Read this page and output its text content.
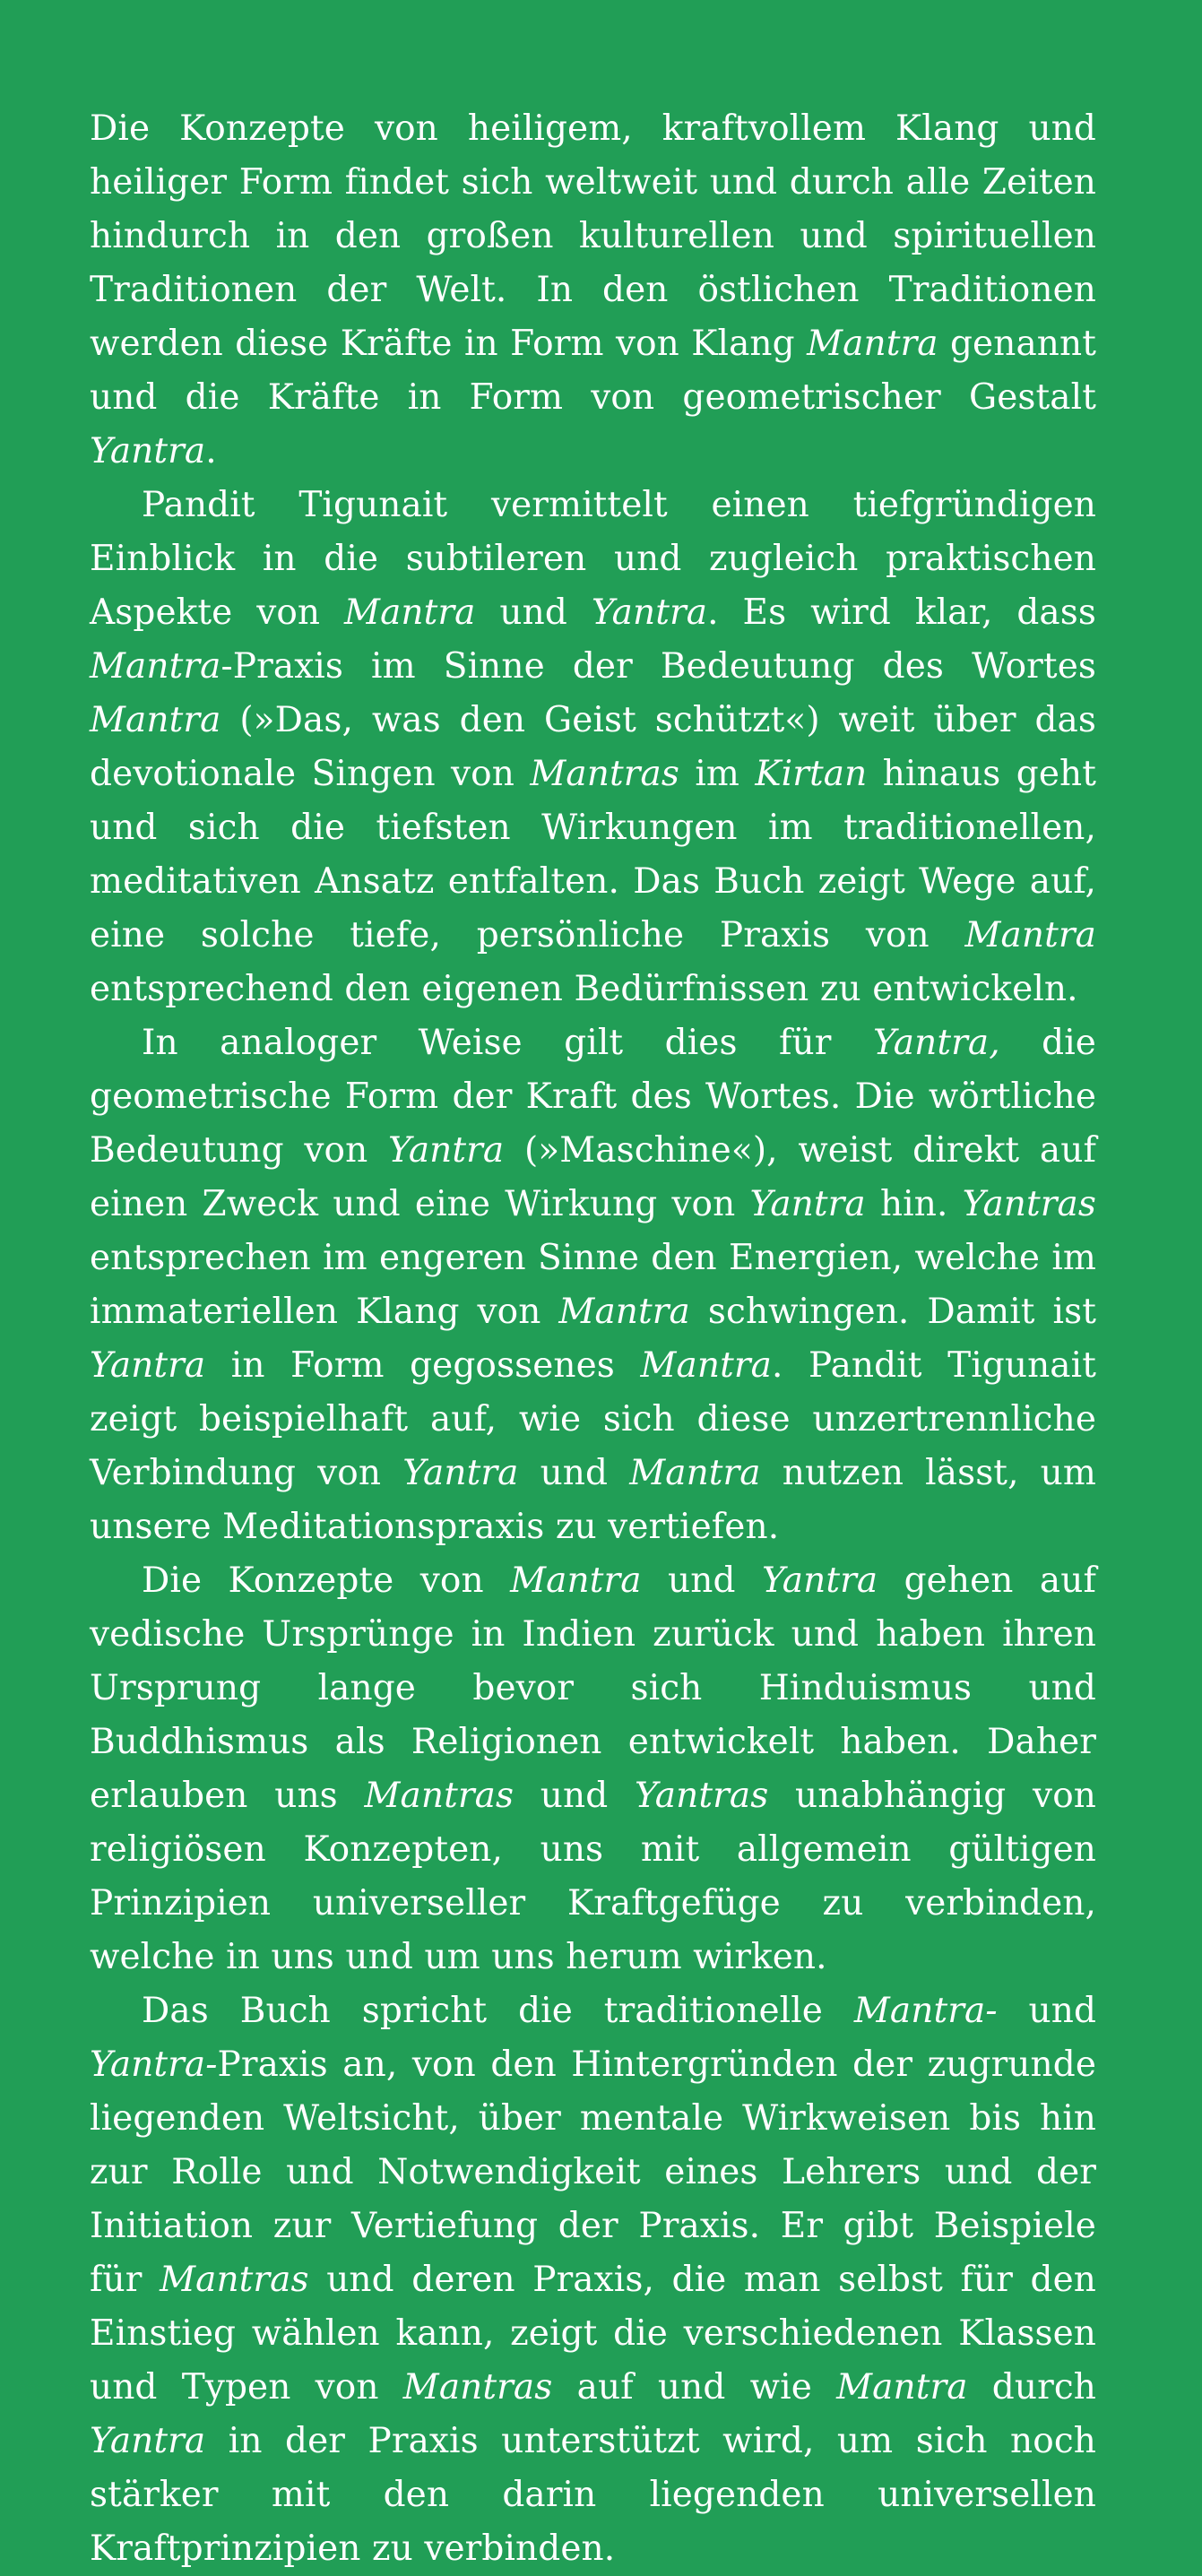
Die Konzepte von heiligem, kraftvollem Klang und heiliger Form findet sich weltweit und durch alle Zeiten hindurch in den großen kulturellen und spirituellen Traditionen der Welt. In den östlichen Traditionen werden diese Kräfte in Form von Klang Mantra genannt und die Kräfte in Form von geometrischer Gestalt Yantra.

Pandit Tigunait vermittelt einen tiefgründigen Einblick in die subtileren und zugleich praktischen Aspekte von Mantra und Yantra. Es wird klar, dass Mantra-Praxis im Sinne der Bedeutung des Wortes Mantra (»Das, was den Geist schützt«) weit über das devotionale Singen von Mantras im Kirtan hinaus geht und sich die tiefsten Wirkungen im traditionellen, meditativen Ansatz entfalten. Das Buch zeigt Wege auf, eine solche tiefe, persönliche Praxis von Mantra entsprechend den eigenen Bedürfnissen zu entwickeln.

In analoger Weise gilt dies für Yantra, die geometrische Form der Kraft des Wortes. Die wörtliche Bedeutung von Yantra (»Maschine«), weist direkt auf einen Zweck und eine Wirkung von Yantra hin. Yantras entsprechen im engeren Sinne den Energien, welche im immateriellen Klang von Mantra schwingen. Damit ist Yantra in Form gegossenes Mantra. Pandit Tigunait zeigt beispielhaft auf, wie sich diese unzertrennliche Verbindung von Yantra und Mantra nutzen lässt, um unsere Meditationspraxis zu vertiefen.

Die Konzepte von Mantra und Yantra gehen auf vedische Ursprünge in Indien zurück und haben ihren Ursprung lange bevor sich Hinduismus und Buddhismus als Religionen entwickelt haben. Daher erlauben uns Mantras und Yantras unabhängig von religiösen Konzepten, uns mit allgemein gültigen Prinzipien universeller Kraftgefüge zu verbinden, welche in uns und um uns herum wirken.

Das Buch spricht die traditionelle Mantra- und Yantra-Praxis an, von den Hintergründen der zugrunde liegenden Weltsicht, über mentale Wirkweisen bis hin zur Rolle und Notwendigkeit eines Lehrers und der Initiation zur Vertiefung der Praxis. Er gibt Beispiele für Mantras und deren Praxis, die man selbst für den Einstieg wählen kann, zeigt die verschiedenen Klassen und Typen von Mantras auf und wie Mantra durch Yantra in der Praxis unterstützt wird, um sich noch stärker mit den darin liegenden universellen Kraftprinzipien zu verbinden.
